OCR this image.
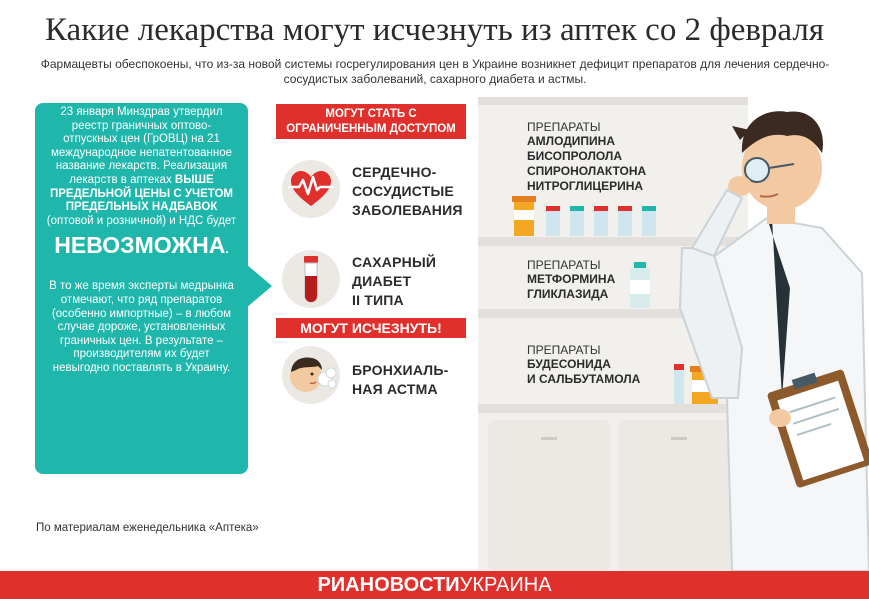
Какие лекарства могут исчезнуть из аптек со 2 февраля
Фармацевты обеспокоены, что из-за новой системы госрегулирования цен в Украине возникнет дефицит препаратов для лечения сердечно-сосудистых заболеваний, сахарного диабета и астмы.

23 января Минздрав утвердил реестр граничных оптово-отпускных цен (ГрОВЦ) на 21 международное непатентованное название лекарств. Реализация лекарств в аптеках ВЫШЕ ПРЕДЕЛЬНОЙ ЦЕНЫ С УЧЕТОМ ПРЕДЕЛЬНЫХ НАДБАВОК (оптовой и розничной) и НДС будет

НЕВОЗМОЖНА.

В то же время эксперты медрынка отмечают, что ряд препаратов (особенно импортные) – в любом случае дороже, установленных граничных цен. В результате – производителям их будет невыгодно поставлять в Украину.

МОГУТ СТАТЬ С
ОГРАНИЧЕННЫМ ДОСТУПОМ
МОГУТ ИСЧЕЗНУТЬ!
СЕРДЕЧНО-
СОСУДИСТЫЕ
ЗАБОЛЕВАНИЯ
САХАРНЫЙ
ДИАБЕТ
II ТИПА
БРОНХИАЛЬ-
НАЯ АСТМА
ПРЕПАРАТЫ
АМЛОДИПИНА
БИСОПРОЛОЛА
СПИРОНОЛАКТОНА
НИТРОГЛИЦЕРИНА
ПРЕПАРАТЫ
МЕТФОРМИНА
ГЛИКЛАЗИДА
ПРЕПАРАТЫ
БУДЕСОНИДА
И САЛЬБУТАМОЛА
По материалам еженедельника «Аптека»
РИАНОВОСТИУКРАИНА
